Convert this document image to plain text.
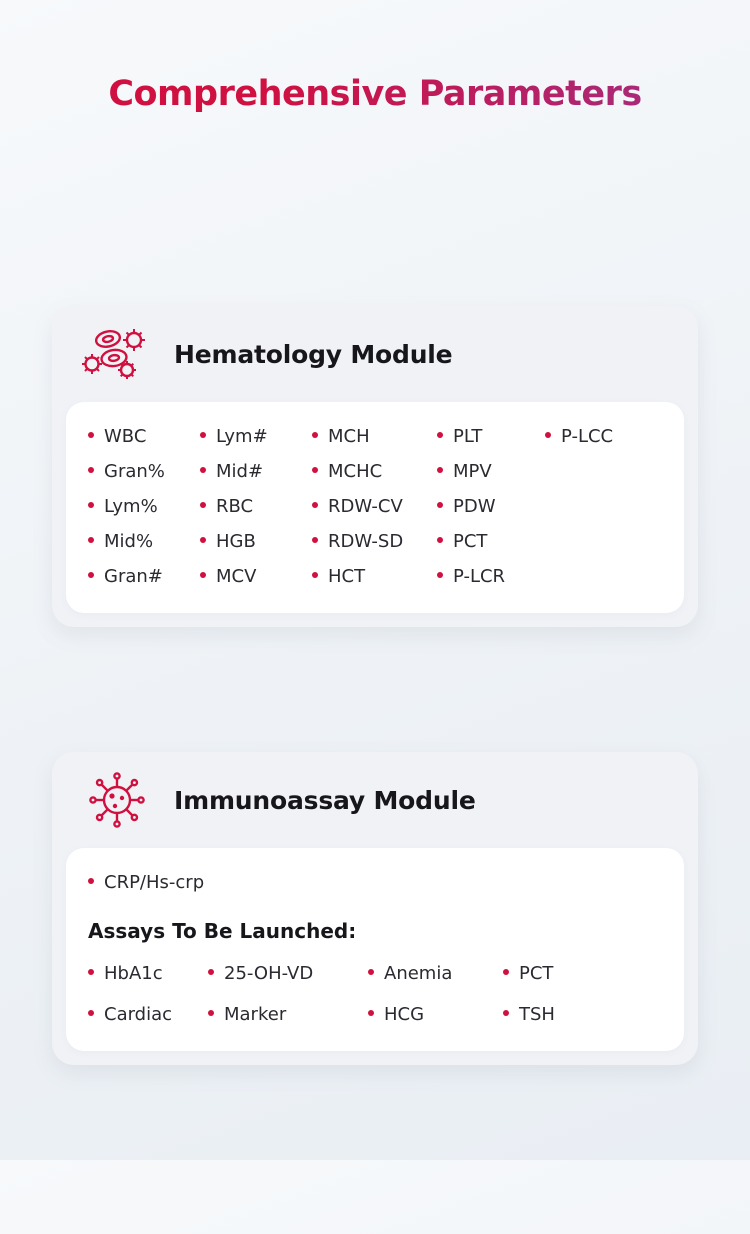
Comprehensive Parameters
Hematology Module
WBC	Lym#	MCH	PLT	P-LCC
Gran%	Mid#	MCHC	MPV
Lym%	RBC	RDW-CV	PDW
Mid%	HGB	RDW-SD	PCT
Gran#	MCV	HCT	P-LCR
Immunoassay Module
CRP/Hs-crp
Assays To Be Launched:
HbA1c	25-OH-VD	Anemia	PCT
Cardiac	Marker	HCG	TSH
